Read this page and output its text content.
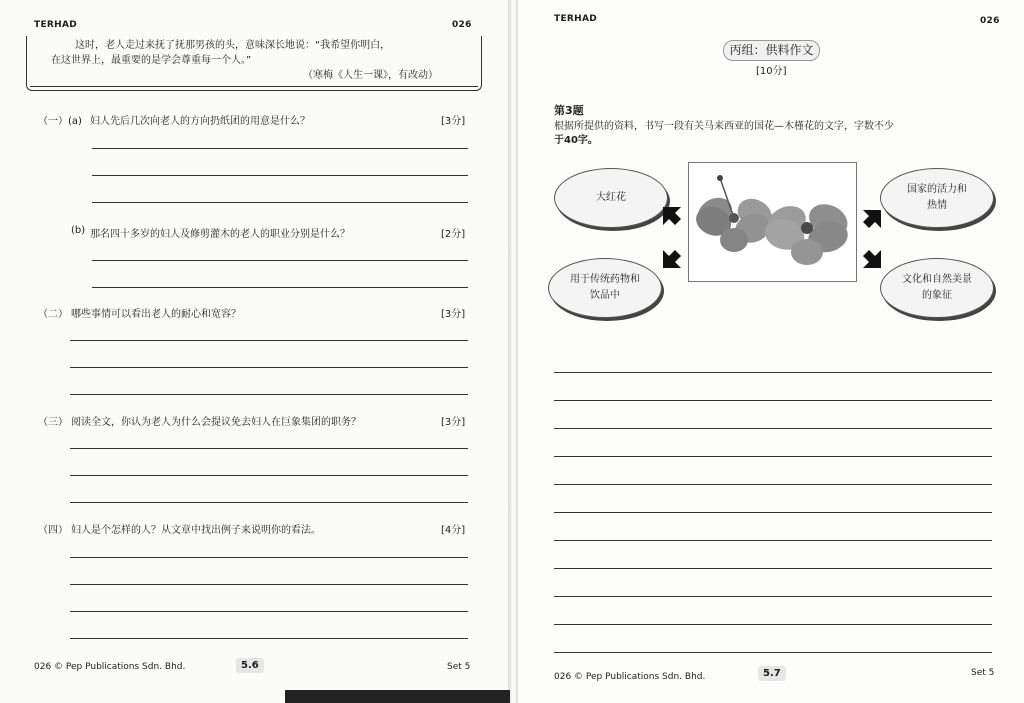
TERHAD	026
这时，老人走过来抚了抚那男孩的头，意味深长地说：“我希望你明白，
在这世界上，最重要的是学会尊重每一个人。”
（寒梅《人生一课》，有改动）
（一）(a) 妇人先后几次向老人的方向扔纸团的用意是什么？	[3分]
(b) 那名四十多岁的妇人及修剪灌木的老人的职业分别是什么？	[2分]
（二） 哪些事情可以看出老人的耐心和宽容？	[3分]
（三） 阅读全文，你认为老人为什么会提议免去妇人在巨象集团的职务？	[3分]
（四） 妇人是个怎样的人？从文章中找出例子来说明你的看法。	[4分]
026 © Pep Publications Sdn. Bhd.	5.6	Set 5
TERHAD	026
丙组：供料作文
[10分]
第3题
根据所提供的资料，书写一段有关马来西亚的国花—木槿花的文字，字数不少
于40字。
大红花
用于传统药物和
饮品中
国家的活力和
热情
文化和自然美景
的象征
026 © Pep Publications Sdn. Bhd.	5.7	Set 5
